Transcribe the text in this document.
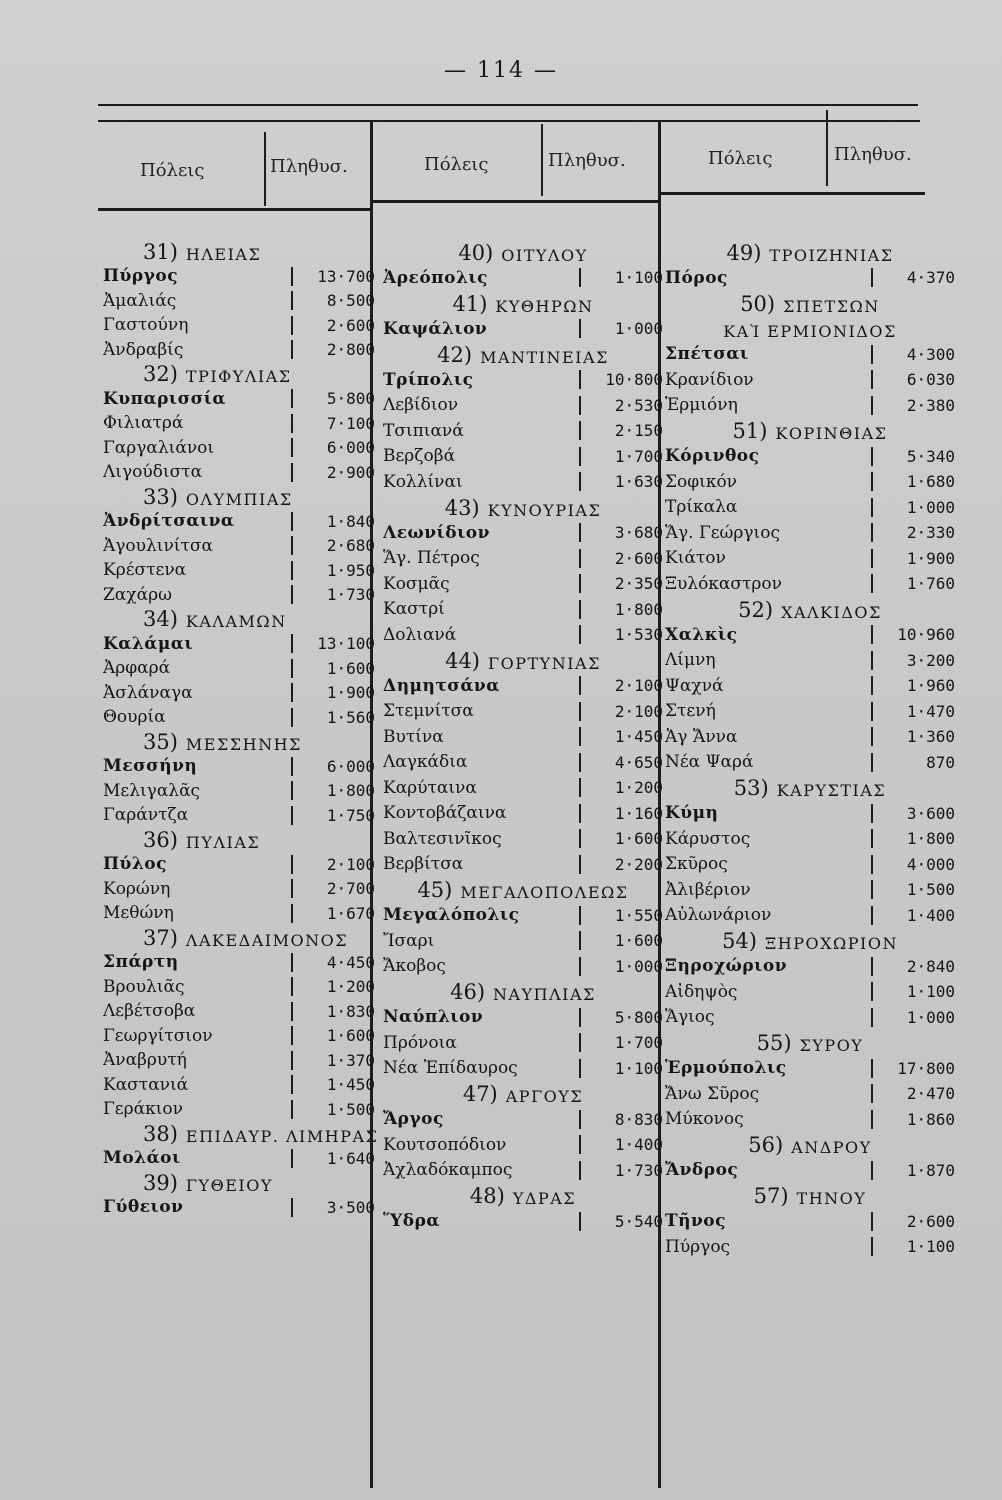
— 114 —
Πόλεις	Πληθυσ.	Πόλεις	Πληθυσ.	Πόλεις	Πληθυσ.
31) ΗΛΕΙΑΣ
Πύργος	13·700
Ἀμαλιάς	8·500
Γαστούνη	2·600
Ἀνδραβίς	2·800
32) ΤΡΙΦΥΛΙΑΣ
Κυπαρισσία	5·800
Φιλιατρά	7·100
Γαργαλιάνοι	6·000
Λιγούδιστα	2·900
33) ΟΛΥΜΠΙΑΣ
Ἀνδρίτσαινα	1·840
Ἀγουλινίτσα	2·680
Κρέστενα	1·950
Ζαχάρω	1·730
34) ΚΑΛΑΜΩΝ
Καλάμαι	13·100
Ἀρφαρά	1·600
Ἀσλάναγα	1·900
Θουρία	1·560
35) ΜΕΣΣΗΝΗΣ
Μεσσήνη	6·000
Μελιγαλᾶς	1·800
Γαράντζα	1·750
36) ΠΥΛΙΑΣ
Πύλος	2·100
Κορώνη	2·700
Μεθώνη	1·670
37) ΛΑΚΕΔΑΙΜΟΝΟΣ
Σπάρτη	4·450
Βρουλιᾶς	1·200
Λεβέτσοβα	1·830
Γεωργίτσιον	1·600
Ἀναβρυτή	1·370
Καστανιά	1·450
Γεράκιον	1·500
38) ΕΠΙΔΑΥΡ. ΛΙΜΗΡΑΣ
Μολάοι	1·640
39) ΓΥΘΕΙΟΥ
Γύθειον	3·500
40) ΟΙΤΥΛΟΥ
Ἀρεόπολις	1·100
41) ΚΥΘΗΡΩΝ
Καψάλιον	1·000
42) ΜΑΝΤΙΝΕΙΑΣ
Τρίπολις	10·800
Λεβίδιον	2·530
Τσιπιανά	2·150
Βερζοβά	1·700
Κολλίναι	1·630
43) ΚΥΝΟΥΡΙΑΣ
Λεωνίδιον	3·680
Ἅγ. Πέτρος	2·600
Κοσμᾶς	2·350
Καστρί	1·800
Δολιανά	1·530
44) ΓΟΡΤΥΝΙΑΣ
Δημητσάνα	2·100
Στεμνίτσα	2·100
Βυτίνα	1·450
Λαγκάδια	4·650
Καρύταινα	1·200
Κοντοβάζαινα	1·160
Βαλτεσινῖκος	1·600
Βερβίτσα	2·200
45) ΜΕΓΑΛΟΠΟΛΕΩΣ
Μεγαλόπολις	1·550
Ἴσαρι	1·600
Ἄκοβος	1·000
46) ΝΑΥΠΛΙΑΣ
Ναύπλιον	5·800
Πρόνοια	1·700
Νέα Ἐπίδαυρος	1·100
47) ΑΡΓΟΥΣ
Ἄργος	8·830
Κουτσοπόδιον	1·400
Ἀχλαδόκαμπος	1·730
48) ΥΔΡΑΣ
Ὕδρα	5·540
49) ΤΡΟΙΖΗΝΙΑΣ
Πόρος	4·370
50) ΣΠΕΤΣΩΝ
ΚΑῚ ΕΡΜΙΟΝΙΔΟΣ
Σπέτσαι	4·300
Κρανίδιον	6·030
Ἑρμιόνη	2·380
51) ΚΟΡΙΝΘΙΑΣ
Κόρινθος	5·340
Σοφικόν	1·680
Τρίκαλα	1·000
Ἅγ. Γεώργιος	2·330
Κιάτον	1·900
Ξυλόκαστρον	1·760
52) ΧΑΛΚΙΔΟΣ
Χαλκὶς	10·960
Λίμνη	3·200
Ψαχνά	1·960
Στενή	1·470
Ἁγ Ἄννα	1·360
Νέα Ψαρά	870
53) ΚΑΡΥΣΤΙΑΣ
Κύμη	3·600
Κάρυστος	1·800
Σκῦρος	4·000
Ἀλιβέριον	1·500
Αὐλωνάριον	1·400
54) ΞΗΡΟΧΩΡΙΟΝ
Ξηροχώριον	2·840
Αἰδηψὸς	1·100
Ἅγιος	1·000
55) ΣΥΡΟΥ
Ἑρμούπολις	17·800
Ἄνω Σῦρος	2·470
Μύκονος	1·860
56) ΑΝΔΡΟΥ
Ἄνδρος	1·870
57) ΤΗΝΟΥ
Τῆνος	2·600
Πύργος	1·100
